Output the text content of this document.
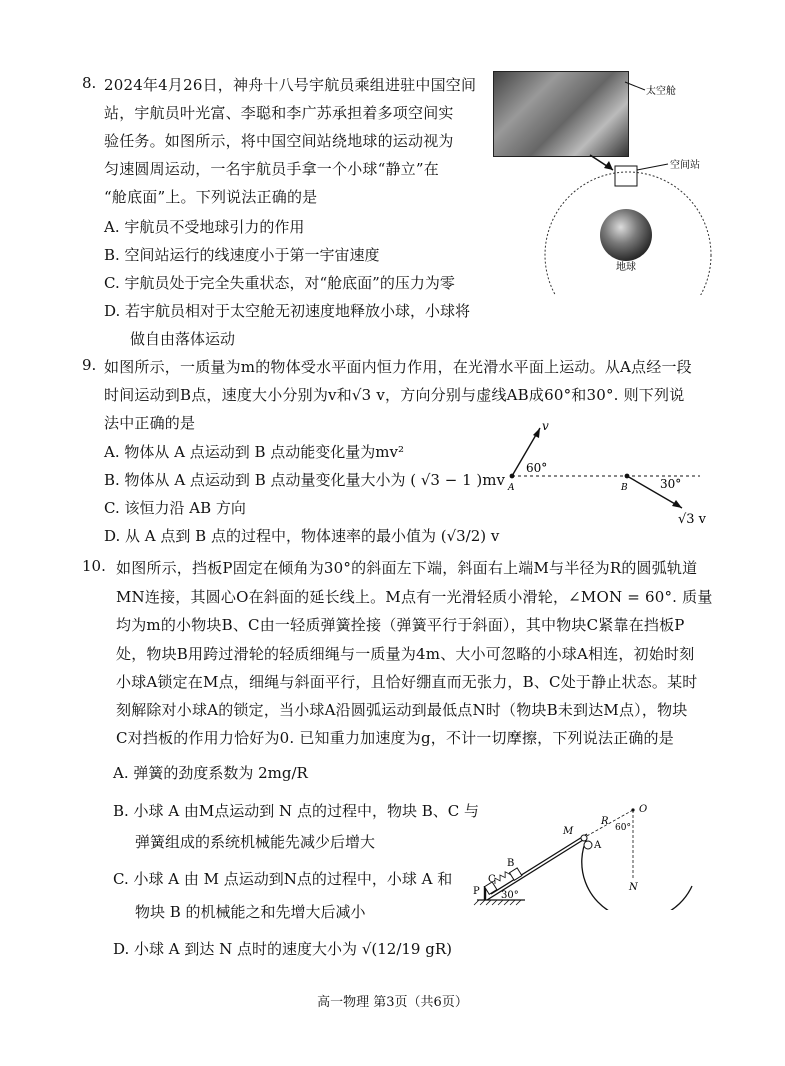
8. 2024年4月26日，神舟十八号宇航员乘组进驻中国空间
站，宇航员叶光富、李聪和李广苏承担着多项空间实
验任务。如图所示，将中国空间站绕地球的运动视为
匀速圆周运动，一名宇航员手拿一个小球“静立”在
“舱底面”上。下列说法正确的是
A. 宇航员不受地球引力的作用
B. 空间站运行的线速度小于第一宇宙速度
C. 宇航员处于完全失重状态，对“舱底面”的压力为零
D. 若宇航员相对于太空舱无初速度地释放小球，小球将
做自由落体运动
太空舱
空间站
地球
9. 如图所示，一质量为m的物体受水平面内恒力作用，在光滑水平面上运动。从A点经一段
时间运动到B点，速度大小分别为v和√3 v，方向分别与虚线AB成60°和30°. 则下列说
法中正确的是
A. 物体从 A 点运动到 B 点动能变化量为mv²
B. 物体从 A 点运动到 B 点动量变化量大小为 ( √3 − 1 )mv
C. 该恒力沿 AB 方向
D. 从 A 点到 B 点的过程中，物体速率的最小值为 (√3/2) v
v
60°
A	B	30°
√3 v
10. 如图所示，挡板P固定在倾角为30°的斜面左下端，斜面右上端M与半径为R的圆弧轨道
MN连接，其圆心O在斜面的延长线上。M点有一光滑轻质小滑轮，∠MON = 60°. 质量
均为m的小物块B、C由一轻质弹簧拴接（弹簧平行于斜面），其中物块C紧靠在挡板P
处，物块B用跨过滑轮的轻质细绳与一质量为4m、大小可忽略的小球A相连，初始时刻
小球A锁定在M点，细绳与斜面平行，且恰好绷直而无张力，B、C处于静止状态。某时
刻解除对小球A的锁定，当小球A沿圆弧运动到最低点N时（物块B未到达M点），物块
C对挡板的作用力恰好为0. 已知重力加速度为g，不计一切摩擦，下列说法正确的是
A. 弹簧的劲度系数为 2mg/R
B. 小球 A 由M点运动到 N 点的过程中，物块 B、C 与
弹簧组成的系统机械能先减少后增大
C. 小球 A 由 M 点运动到N点的过程中，小球 A 和
物块 B 的机械能之和先增大后减小
D. 小球 A 到达 N 点时的速度大小为 √(12/19 gR)
P
C
B
30°
M
A
O
R
60°
N
高一物理 第3页（共6页）
